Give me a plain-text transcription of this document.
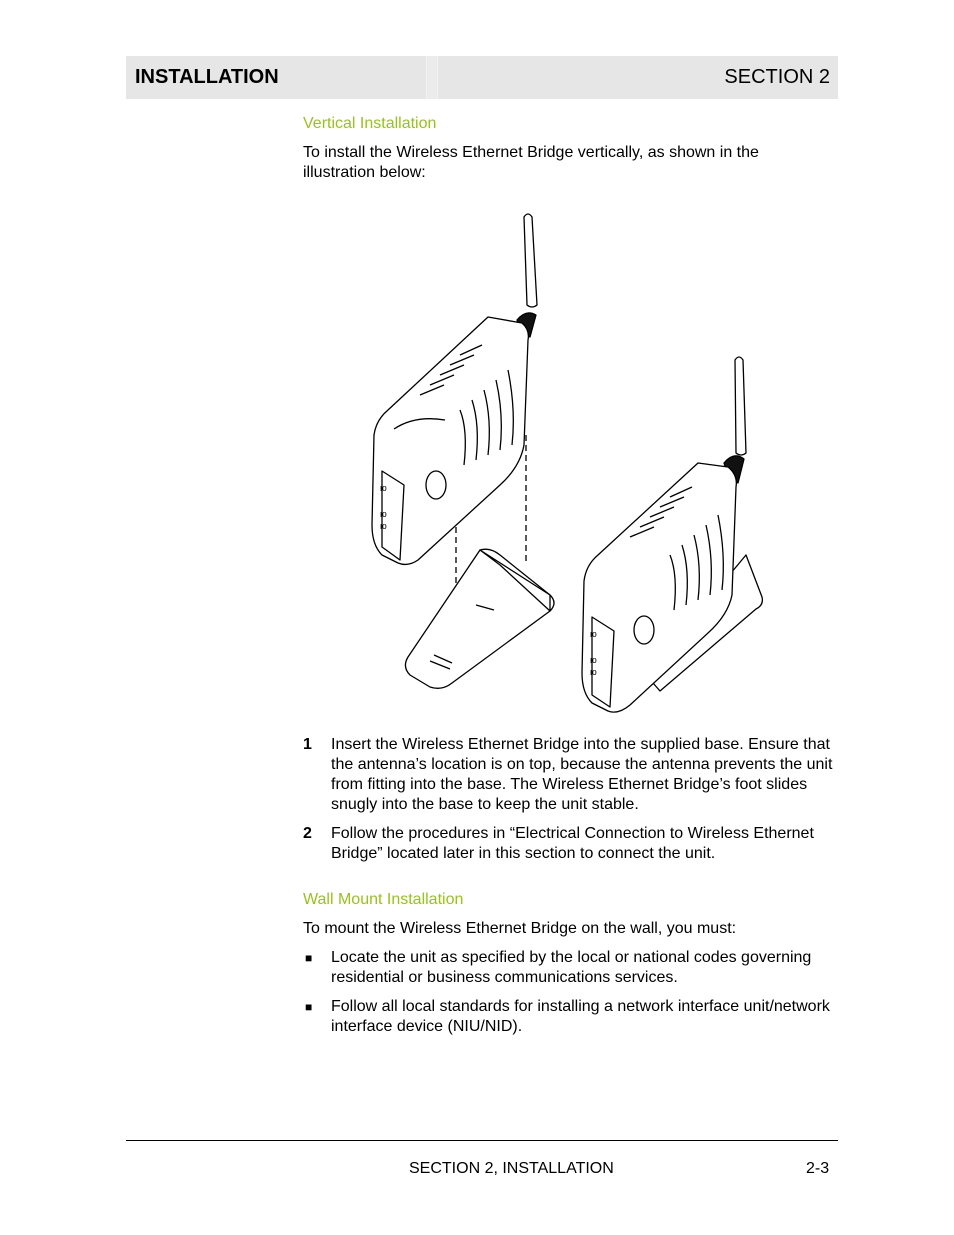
INSTALLATION	SECTION 2
Vertical Installation

To install the Wireless Ethernet Bridge vertically, as shown in the illustration below:

ю
ю
ю
ю
ю
ю
1 Insert the Wireless Ethernet Bridge into the supplied base. Ensure that the antenna’s location is on top, because the antenna prevents the unit from fitting into the base. The Wireless Ethernet Bridge’s foot slides snugly into the base to keep the unit stable.

2 Follow the procedures in “Electrical Connection to Wireless Ethernet Bridge” located later in this section to connect the unit.

Wall Mount Installation

To mount the Wireless Ethernet Bridge on the wall, you must:

■ Locate the unit as specified by the local or national codes governing residential or business communications services.

■ Follow all local standards for installing a network interface unit/network interface device (NIU/NID).

SECTION 2, INSTALLATION	2-3
